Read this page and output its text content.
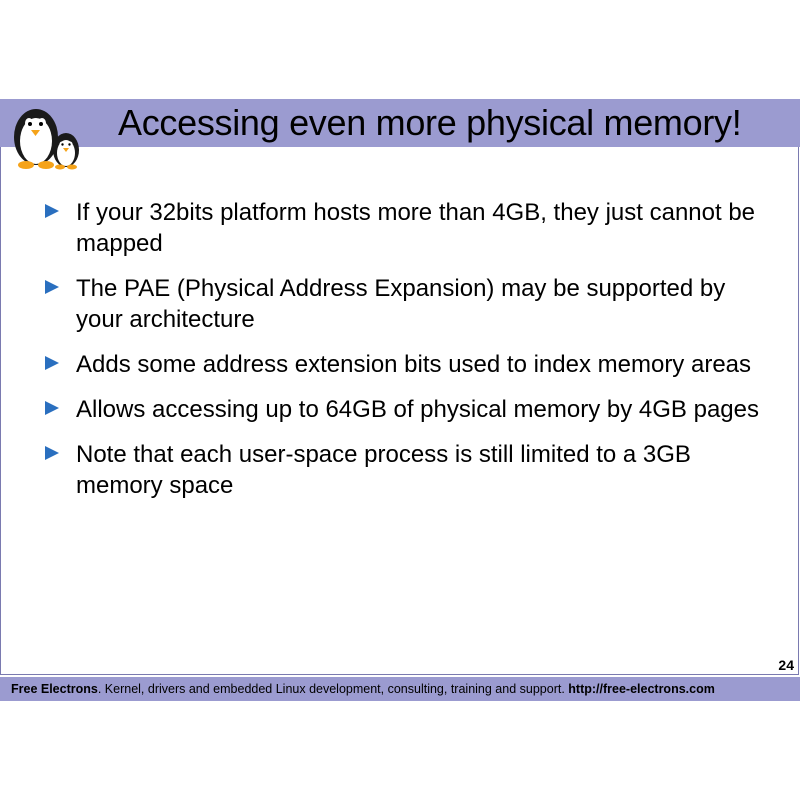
Accessing even more physical memory!
If your 32bits platform hosts more than 4GB, they just cannot be mapped
The PAE (Physical Address Expansion) may be supported by your architecture
Adds some address extension bits used to index memory areas
Allows accessing up to 64GB of physical memory by 4GB pages
Note that each user-space process is still limited to a 3GB memory space
24
Free Electrons. Kernel, drivers and embedded Linux development, consulting, training and support. http://free-electrons.com
